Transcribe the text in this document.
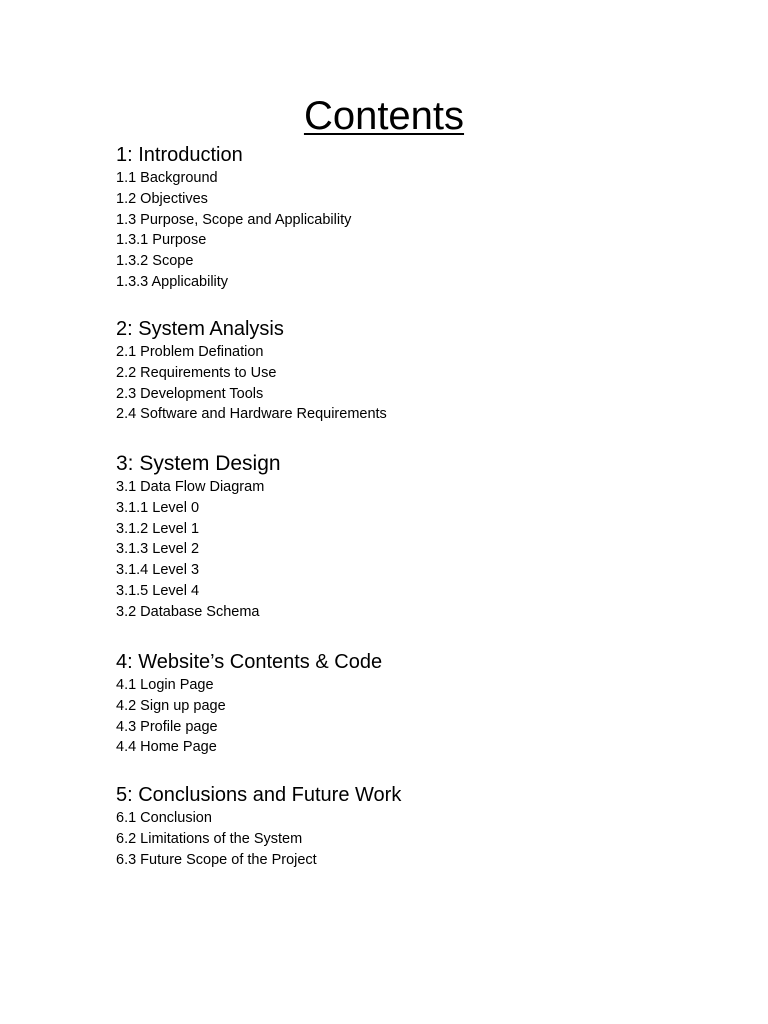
Contents
1: Introduction
1.1 Background
1.2 Objectives
1.3 Purpose, Scope and Applicability
1.3.1 Purpose
1.3.2 Scope
1.3.3 Applicability
2: System Analysis
2.1 Problem Defination
2.2 Requirements to Use
2.3 Development Tools
2.4 Software and Hardware Requirements
3: System Design
3.1 Data Flow Diagram
3.1.1 Level 0
3.1.2 Level 1
3.1.3 Level 2
3.1.4 Level 3
3.1.5 Level 4
3.2 Database Schema
4: Website’s Contents & Code
4.1 Login Page
4.2 Sign up page
4.3 Profile page
4.4 Home Page
5: Conclusions and Future Work
6.1 Conclusion
6.2 Limitations of the System
6.3 Future Scope of the Project
